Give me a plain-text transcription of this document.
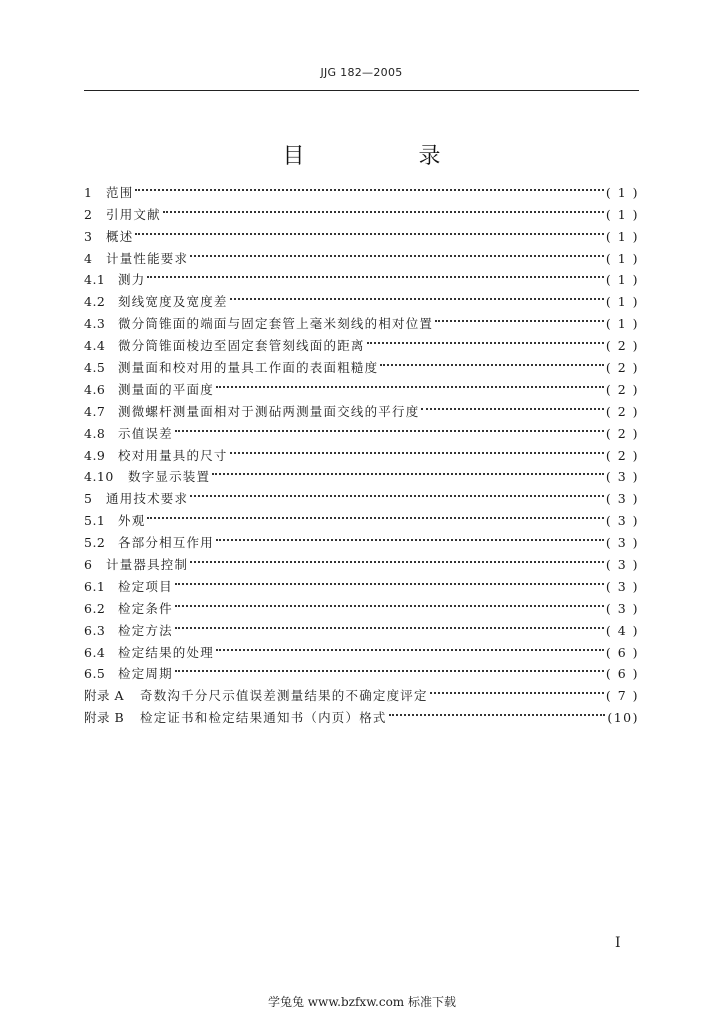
JJG 182—2005
目　录
1	范围	( 1 )
2	引用文献	( 1 )
3	概述	( 1 )
4	计量性能要求	( 1 )
4.1	测力	( 1 )
4.2	刻线宽度及宽度差	( 1 )
4.3	微分筒锥面的端面与固定套管上毫米刻线的相对位置	( 1 )
4.4	微分筒锥面棱边至固定套管刻线面的距离	( 2 )
4.5	测量面和校对用的量具工作面的表面粗糙度	( 2 )
4.6	测量面的平面度	( 2 )
4.7	测微螺杆测量面相对于测砧两测量面交线的平行度	( 2 )
4.8	示值误差	( 2 )
4.9	校对用量具的尺寸	( 2 )
4.10	数字显示装置	( 3 )
5	通用技术要求	( 3 )
5.1	外观	( 3 )
5.2	各部分相互作用	( 3 )
6	计量器具控制	( 3 )
6.1	检定项目	( 3 )
6.2	检定条件	( 3 )
6.3	检定方法	( 4 )
6.4	检定结果的处理	( 6 )
6.5	检定周期	( 6 )
附录 A	奇数沟千分尺示值误差测量结果的不确定度评定	( 7 )
附录 B	检定证书和检定结果通知书（内页）格式	(10)
I
学兔兔 www.bzfxw.com 标准下载
